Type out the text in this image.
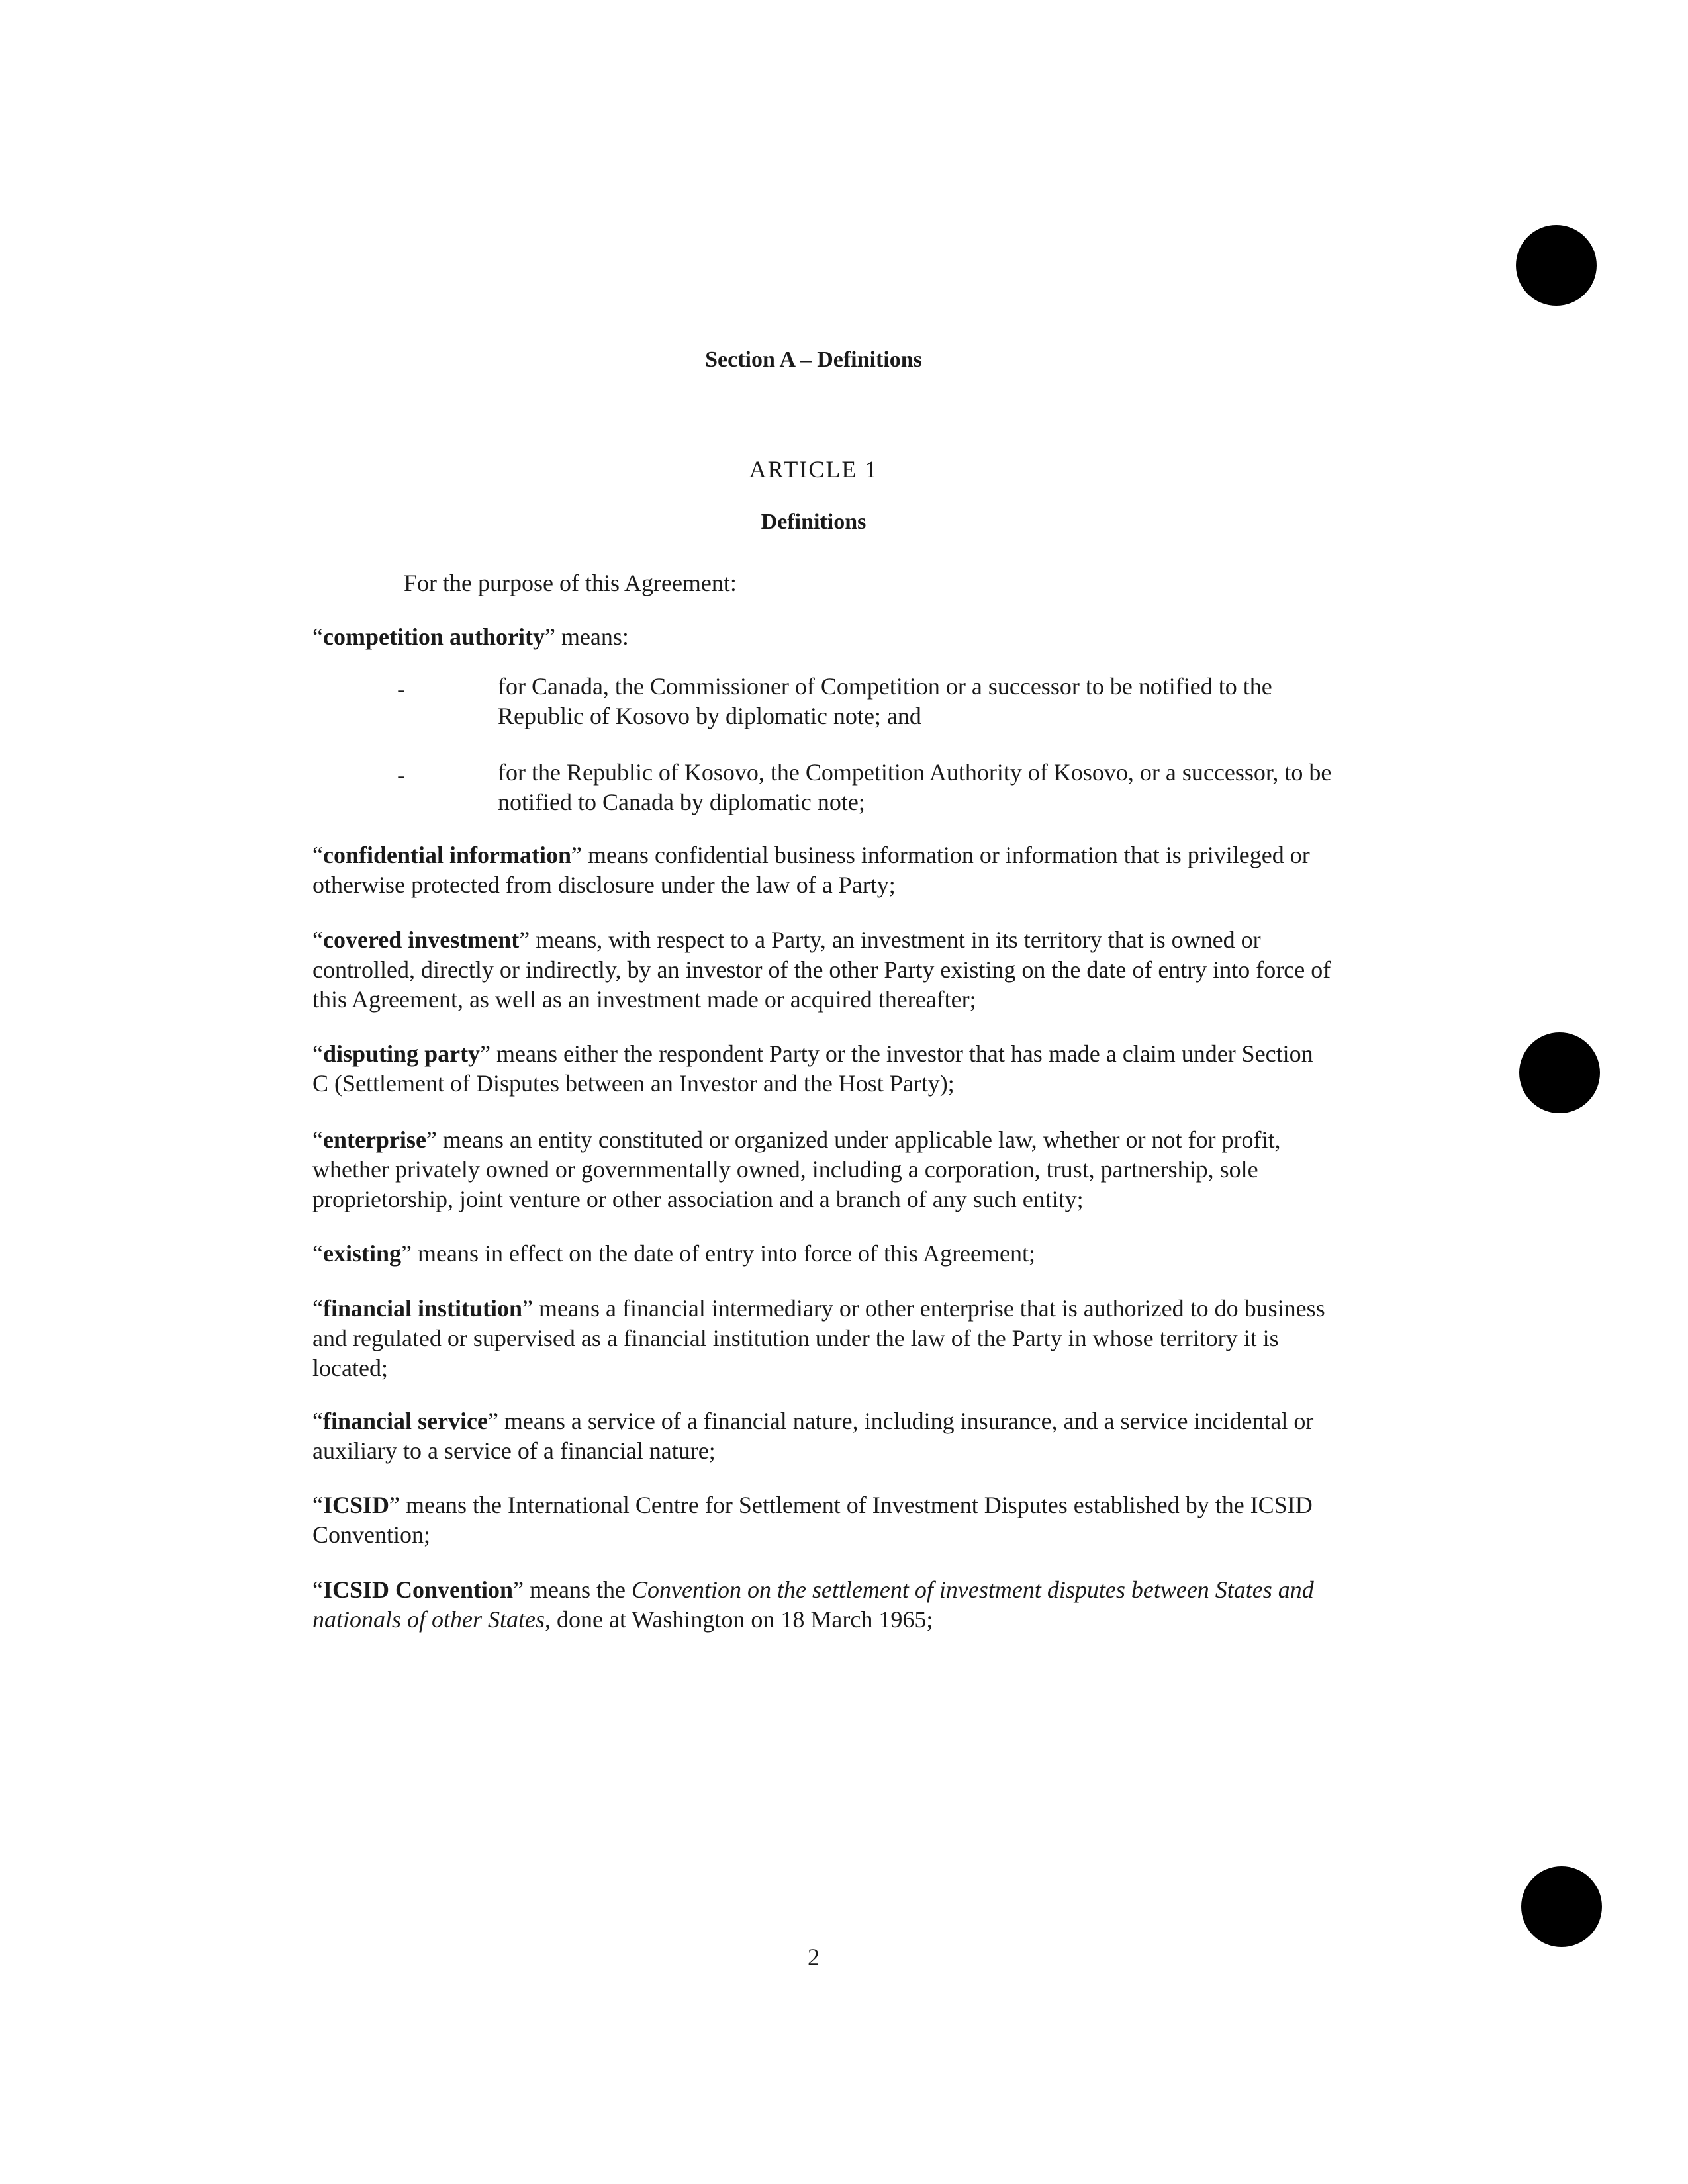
Section A – Definitions
ARTICLE 1
Definitions
For the purpose of this Agreement:
“competition authority” means:
-	for Canada, the Commissioner of Competition or a successor to be notified to the Republic of Kosovo by diplomatic note; and
-	for the Republic of Kosovo, the Competition Authority of Kosovo, or a successor, to be notified to Canada by diplomatic note;
“confidential information” means confidential business information or information that is privileged or otherwise protected from disclosure under the law of a Party;
“covered investment” means, with respect to a Party, an investment in its territory that is owned or controlled, directly or indirectly, by an investor of the other Party existing on the date of entry into force of this Agreement, as well as an investment made or acquired thereafter;
“disputing party” means either the respondent Party or the investor that has made a claim under Section C (Settlement of Disputes between an Investor and the Host Party);
“enterprise” means an entity constituted or organized under applicable law, whether or not for profit, whether privately owned or governmentally owned, including a corporation, trust, partnership, sole proprietorship, joint venture or other association and a branch of any such entity;
“existing” means in effect on the date of entry into force of this Agreement;
“financial institution” means a financial intermediary or other enterprise that is authorized to do business and regulated or supervised as a financial institution under the law of the Party in whose territory it is located;
“financial service” means a service of a financial nature, including insurance, and a service incidental or auxiliary to a service of a financial nature;
“ICSID” means the International Centre for Settlement of Investment Disputes established by the ICSID Convention;
“ICSID Convention” means the Convention on the settlement of investment disputes between States and nationals of other States, done at Washington on 18 March 1965;
2
